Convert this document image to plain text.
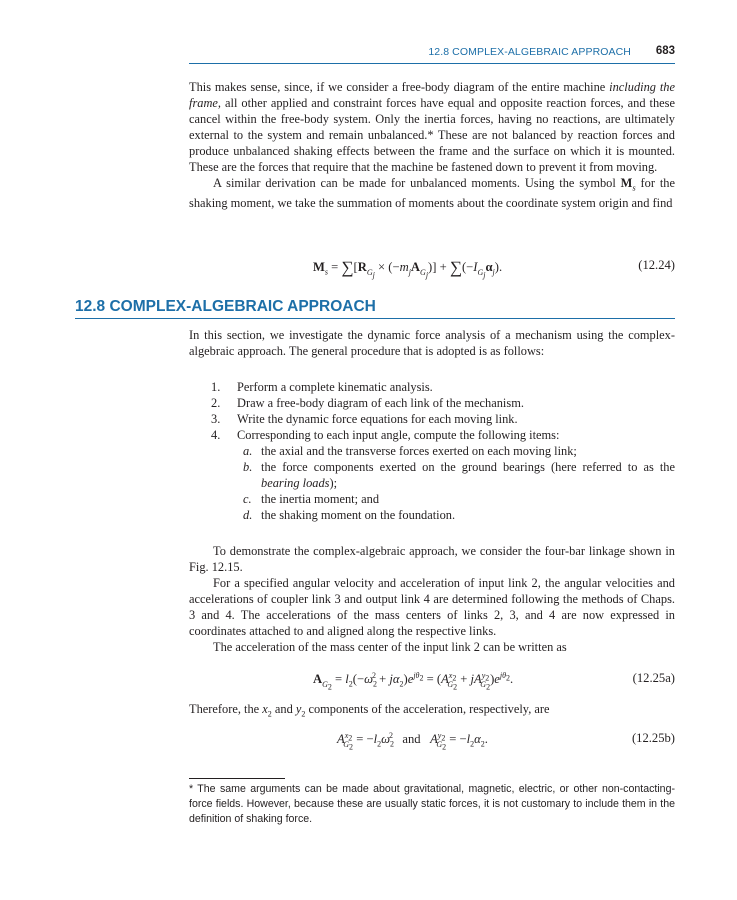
12.8 COMPLEX-ALGEBRAIC APPROACH 683

This makes sense, since, if we consider a free-body diagram of the entire machine including the frame, all other applied and constraint forces have equal and opposite reaction forces, and these cancel within the free-body system. Only the inertia forces, having no reactions, are ultimately external to the system and remain unbalanced.* These are not balanced by reaction forces and produce unbalanced shaking effects between the frame and the surface on which it is mounted. These are the forces that require that the machine be fastened down to prevent it from moving.

A similar derivation can be made for unbalanced moments. Using the symbol $M_s$ for the shaking moment, we take the summation of moments about the coordinate system origin and find

$M_s = \sum[R_{G_j} \times (-m_jA_{G_j})] + \sum(-I_{G_j}\alpha_j)$.	(12.24)
12.8 COMPLEX-ALGEBRAIC APPROACH

In this section, we investigate the dynamic force analysis of a mechanism using the complex-algebraic approach. The general procedure that is adopted is as follows:

1. Perform a complete kinematic analysis.
2. Draw a free-body diagram of each link of the mechanism.
3. Write the dynamic force equations for each moving link.
4. Corresponding to each input angle, compute the following items:
a. the axial and the transverse forces exerted on each moving link;
b. the force components exerted on the ground bearings (here referred to as the bearing loads);
c. the inertia moment; and
d. the shaking moment on the foundation.

To demonstrate the complex-algebraic approach, we consider the four-bar linkage shown in Fig. 12.15.

For a specified angular velocity and acceleration of input link 2, the angular velocities and accelerations of coupler link 3 and output link 4 are determined following the methods of Chaps. 3 and 4. The accelerations of the mass centers of links 2, 3, and 4 are now expressed in coordinates attached to and aligned along the respective links.

The acceleration of the mass center of the input link 2 can be written as

$A_{G_2} = l_2(-\omega_2^2 + j\alpha_2)e^{j\theta_2} = (A^{x_2}_{G_2} + jA^{y_2}_{G_2})e^{j\theta_2}$.	(12.25a)

Therefore, the $x_2$ and $y_2$ components of the acceleration, respectively, are

$A^{x_2}_{G_2} = -l_2\omega_2^2$ and $A^{y_2}_{G_2} = -l_2\alpha_2$.	(12.25b)
* The same arguments can be made about gravitational, magnetic, electric, or other non-contacting-force fields. However, because these are usually static forces, it is not customary to include them in the definition of shaking force.
